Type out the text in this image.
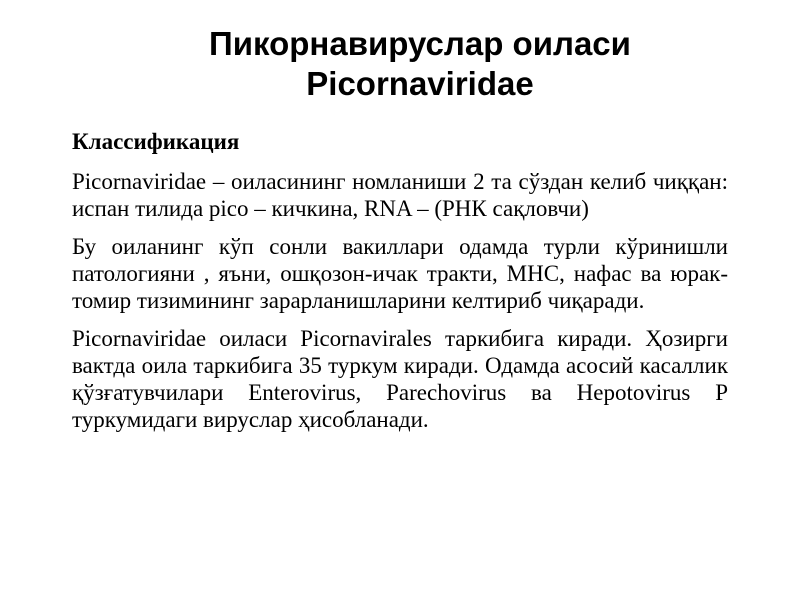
Пикорнавируслар оиласи
Picornaviridae
Классификация
Picornaviridae – оиласининг номланиши 2 та сўздан келиб чиққан: испан тилида pico – кичкина, RNA – (РНК сақловчи)
Бу оиланинг кўп сонли вакиллари одамда турли кўринишли патологияни , яъни, ошқозон-ичак тракти, МНС, нафас ва юрак-томир тизимининг зарарланишларини келтириб чиқаради.
Picornaviridae оиласи Picornavirales таркибига киради. Ҳозирги вактда оила таркибига 35 туркум киради. Одамда асосий касаллик қўзғатувчилари Enterovirus, Parechovirus ва Hepotovirus P туркумидаги вируслар ҳисобланади.
